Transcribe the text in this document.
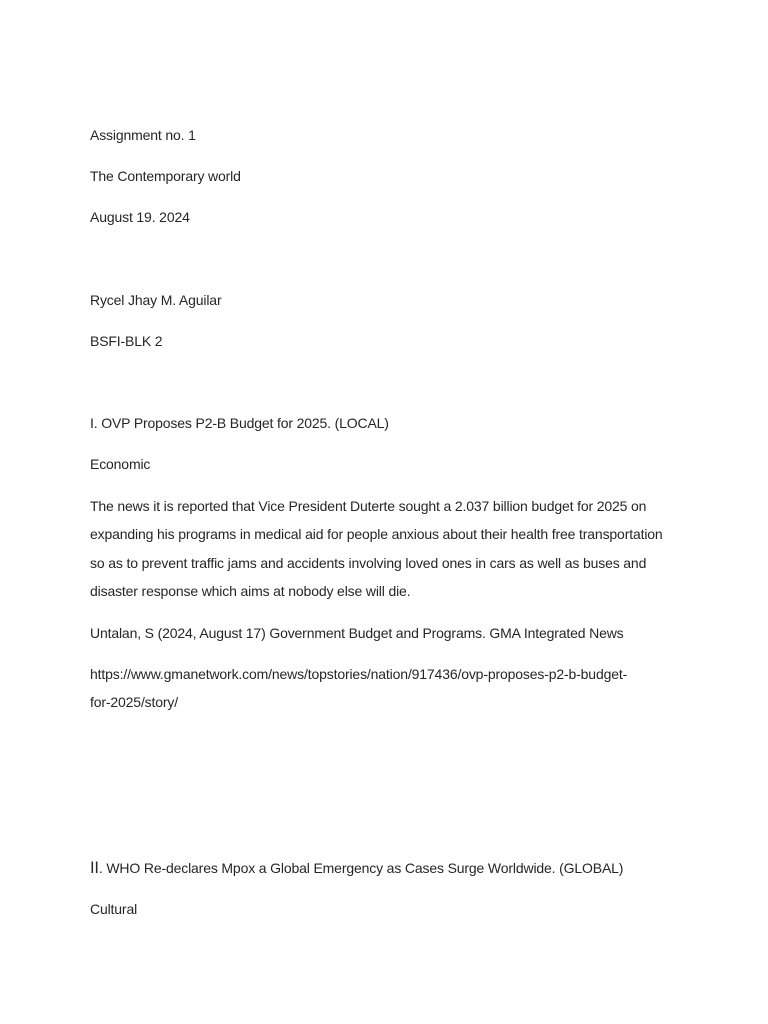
Assignment no. 1
The Contemporary world
August 19. 2024
Rycel Jhay M. Aguilar
BSFI-BLK 2
I. OVP Proposes P2-B Budget for 2025. (LOCAL)
Economic
The news it is reported that Vice President Duterte sought a 2.037 billion budget for 2025 on
expanding his programs in medical aid for people anxious about their health free transportation
so as to prevent traffic jams and accidents involving loved ones in cars as well as buses and
disaster response which aims at nobody else will die.
Untalan, S (2024, August 17) Government Budget and Programs. GMA Integrated News
https://www.gmanetwork.com/news/topstories/nation/917436/ovp-proposes-p2-b-budget-
for-2025/story/
II. WHO Re-declares Mpox a Global Emergency as Cases Surge Worldwide. (GLOBAL)
Cultural
